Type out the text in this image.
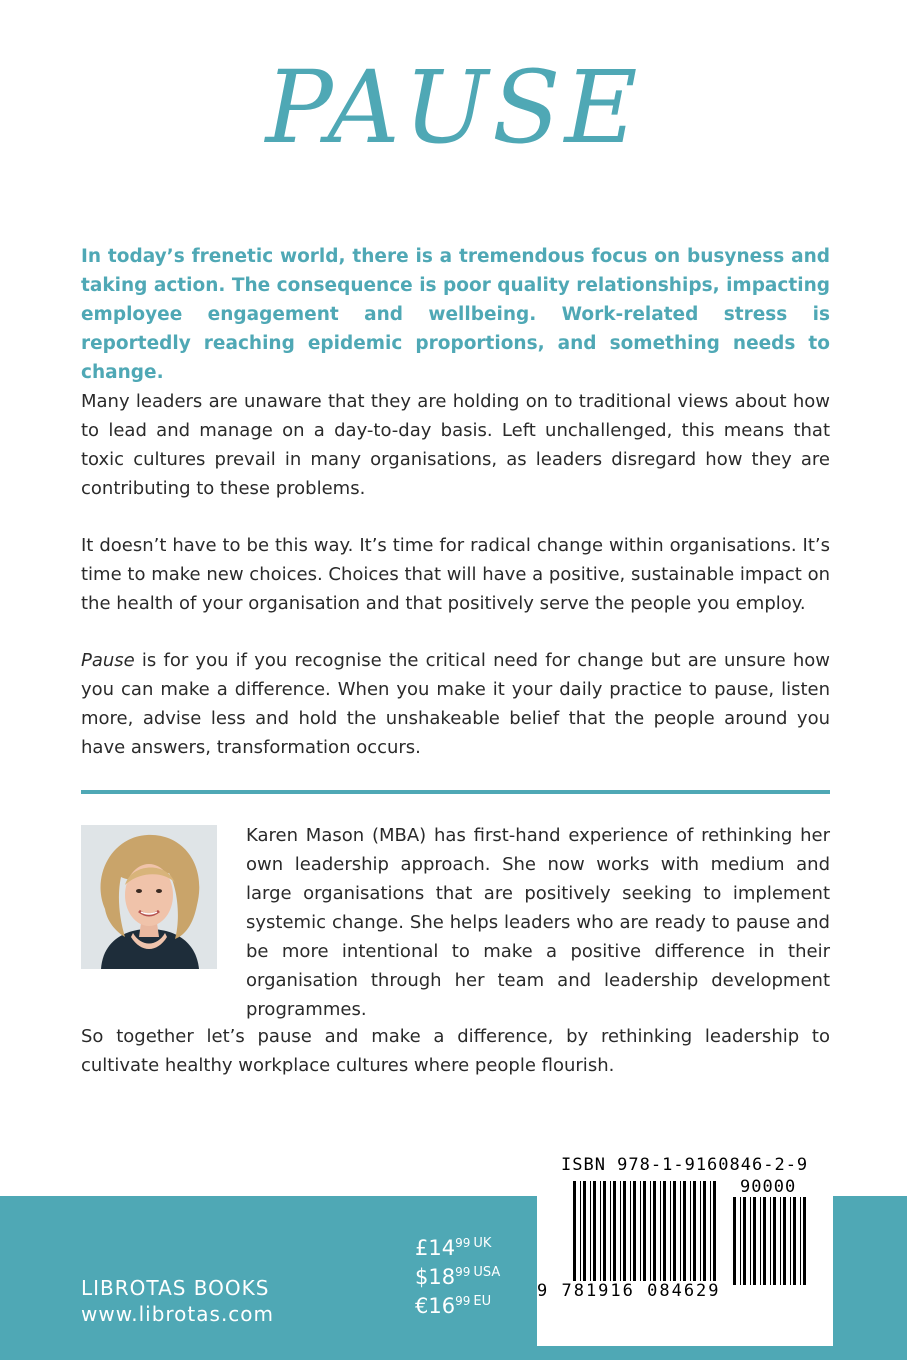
PAUSE
In today’s frenetic world, there is a tremendous focus on busyness and taking action. The consequence is poor quality relationships, impacting employee engagement and wellbeing. Work-related stress is reportedly reaching epidemic proportions, and something needs to change.

Many leaders are unaware that they are holding on to traditional views about how to lead and manage on a day-to-day basis. Left unchallenged, this means that toxic cultures prevail in many organisations, as leaders disregard how they are contributing to these problems.

It doesn’t have to be this way. It’s time for radical change within organisations. It’s time to make new choices. Choices that will have a positive, sustainable impact on the health of your organisation and that positively serve the people you employ.

Pause is for you if you recognise the critical need for change but are unsure how you can make a difference. When you make it your daily practice to pause, listen more, advise less and hold the unshakeable belief that the people around you have answers, transformation occurs.

Karen Mason (MBA) has first-hand experience of rethinking her own leadership approach. She now works with medium and large organisations that are positively seeking to implement systemic change. She helps leaders who are ready to pause and be more intentional to make a positive difference in their organisation through her team and leadership development programmes.

So together let’s pause and make a difference, by rethinking leadership to cultivate healthy workplace cultures where people flourish.

LIBROTAS BOOKS
www.librotas.com
$£14^{99}$ $^{UK}$
$\$18^{99}$ $^{USA}$
$€16^{99}$ $^{EU}$
ISBN 978-1-9160846-2-9
90000
9 781916 084629
